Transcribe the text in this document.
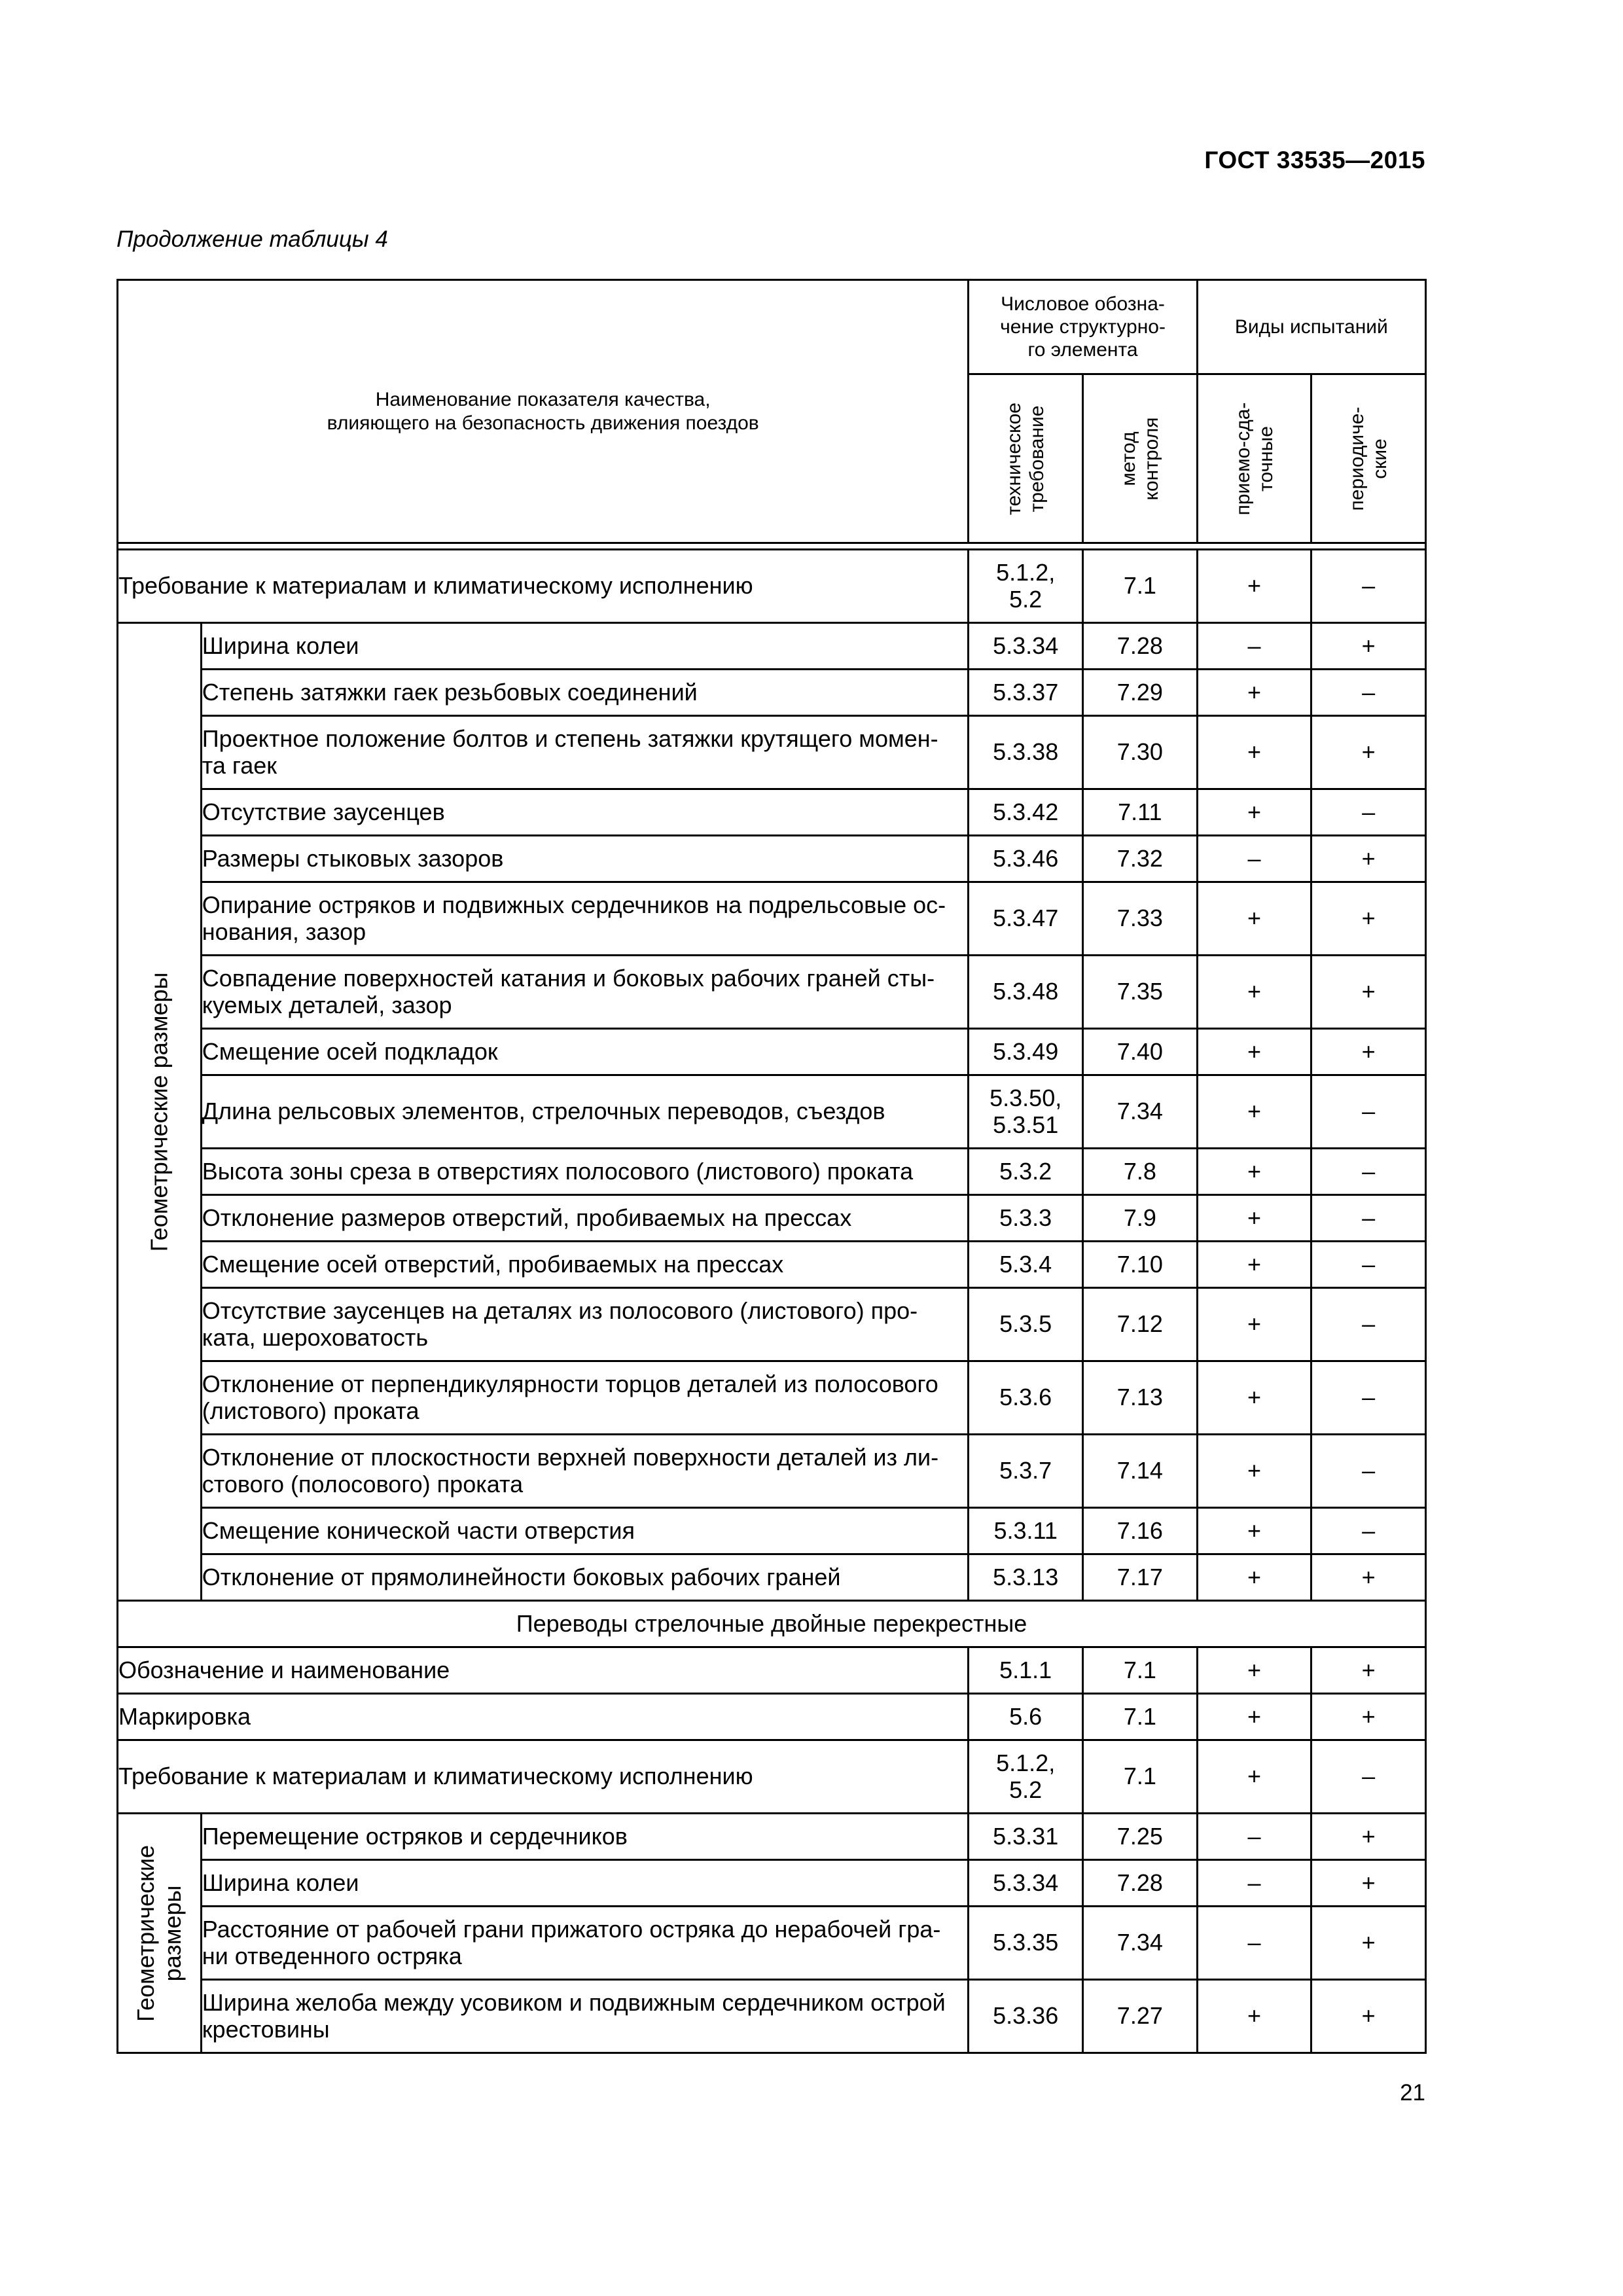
ГОСТ 33535—2015
Продолжение таблицы 4
Наименование показателя качества,
влияющего на безопасность движения поездов		Числовое обозна-
чение структурно-
го элемента		Виды испытаний	

		техническое требование	метод контроля	приемо-сда- точные	периодиче- ские

Требование к материалам и климатическому исполнению		5.1.2,
5.2	7.1	+	–

Геометрические размеры	Ширина колеи	5.3.34	7.28	–	+
	Степень затяжки гаек резьбовых соединений	5.3.37	7.29	+	–

	Проектное положение болтов и степень затяжки крутящего момен-
та гаек	5.3.38	7.30	+	+
	Отсутствие заусенцев	5.3.42	7.11	+	–
	Размеры стыковых зазоров	5.3.46	7.32	–	+

	Опирание остряков и подвижных сердечников на подрельсовые ос-
нования, зазор	5.3.47	7.33	+	+

	Совпадение поверхностей катания и боковых рабочих граней сты-
куемых деталей, зазор	5.3.48	7.35	+	+
	Смещение осей подкладок	5.3.49	7.40	+	+
	Длина рельсовых элементов, стрелочных переводов, съездов	5.3.50,
5.3.51	7.34	+	–
	Высота зоны среза в отверстиях полосового (листового) проката	5.3.2	7.8	+	–
	Отклонение размеров отверстий, пробиваемых на прессах	5.3.3	7.9	+	–
	Смещение осей отверстий, пробиваемых на прессах	5.3.4	7.10	+	–

	Отсутствие заусенцев на деталях из полосового (листового) про-
ката, шероховатость	5.3.5	7.12	+	–

	Отклонение от перпендикулярности торцов деталей из полосового
(листового) проката	5.3.6	7.13	+	–

	Отклонение от плоскостности верхней поверхности деталей из ли-
стового (полосового) проката	5.3.7	7.14	+	–
	Смещение конической части отверстия	5.3.11	7.16	+	–
	Отклонение от прямолинейности боковых рабочих граней	5.3.13	7.17	+	+
Переводы стрелочные двойные перекрестные					
Обозначение и наименование		5.1.1	7.1	+	+
Маркировка		5.6	7.1	+	+
Требование к материалам и климатическому исполнению		5.1.2,
5.2	7.1	+	–

Геометрические размеры	Перемещение остряков и сердечников	5.3.31	7.25	–	+
	Ширина колеи	5.3.34	7.28	–	+

	Расстояние от рабочей грани прижатого остряка до нерабочей гра-
ни отведенного остряка	5.3.35	7.34	–	+

	Ширина желоба между усовиком и подвижным сердечником острой
крестовины	5.3.36	7.27	+	+
21
